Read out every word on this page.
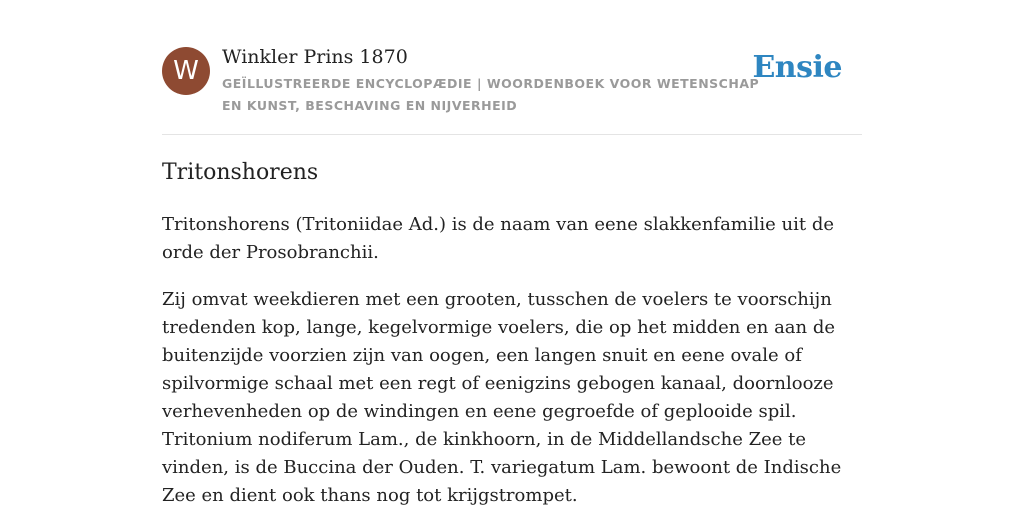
W	Winkler Prins 1870
GEÏLLUSTREERDE ENCYCLOPÆDIE | WOORDENBOEK VOOR WETENSCHAP EN KUNST, BESCHAVING EN NIJVERHEID
Ensie
Tritonshorens

Tritonshorens (Tritoniidae Ad.) is de naam van eene slakkenfamilie uit de orde der Prosobranchii.

Zij omvat weekdieren met een grooten, tusschen de voelers te voorschijn tredenden kop, lange, kegelvormige voelers, die op het midden en aan de buitenzijde voorzien zijn van oogen, een langen snuit en eene ovale of spilvormige schaal met een regt of eenigzins gebogen kanaal, doornlooze verhevenheden op de windingen en eene gegroefde of geplooide spil. Tritonium nodiferum Lam., de kinkhoorn, in de Middellandsche Zee te vinden, is de Buccina der Ouden. T. variegatum Lam. bewoont de Indische Zee en dient ook thans nog tot krijgstrompet.
